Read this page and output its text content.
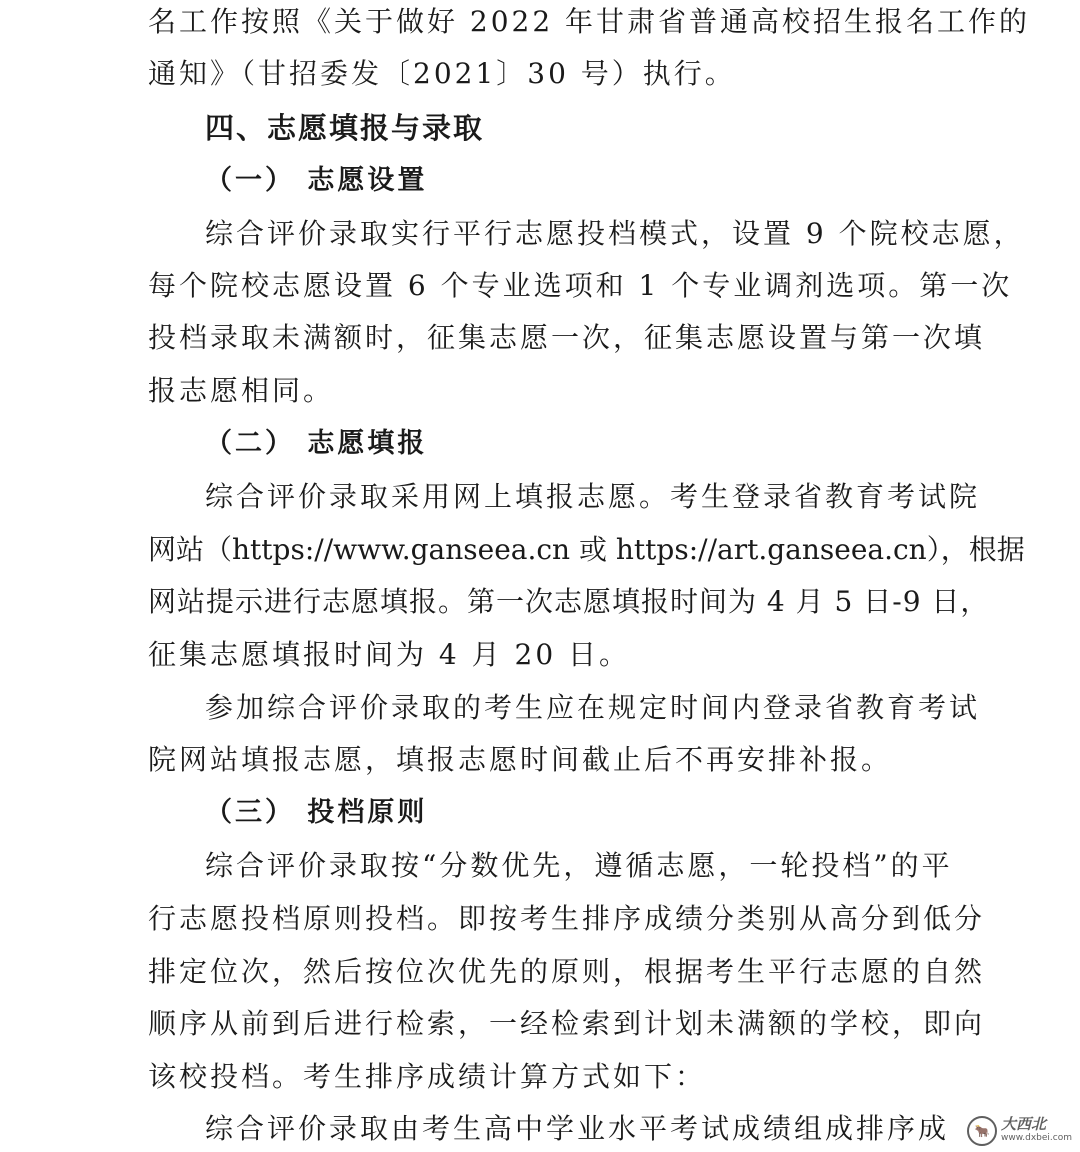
名工作按照《关于做好 2022 年甘肃省普通高校招生报名工作的
通知》（甘招委发〔2021〕30 号）执行。
四、志愿填报与录取
（一） 志愿设置
综合评价录取实行平行志愿投档模式，设置 9 个院校志愿，
每个院校志愿设置 6 个专业选项和 1 个专业调剂选项。第一次
投档录取未满额时，征集志愿一次，征集志愿设置与第一次填
报志愿相同。
（二） 志愿填报
综合评价录取采用网上填报志愿。考生登录省教育考试院
网站（https://www.ganseea.cn 或 https://art.ganseea.cn），根据
网站提示进行志愿填报。第一次志愿填报时间为 4 月 5 日-9 日，
征集志愿填报时间为 4 月 20 日。
参加综合评价录取的考生应在规定时间内登录省教育考试
院网站填报志愿，填报志愿时间截止后不再安排补报。
（三） 投档原则
综合评价录取按“分数优先，遵循志愿，一轮投档”的平
行志愿投档原则投档。即按考生排序成绩分类别从高分到低分
排定位次，然后按位次优先的原则，根据考生平行志愿的自然
顺序从前到后进行检索，一经检索到计划未满额的学校，即向
该校投档。考生排序成绩计算方式如下：
综合评价录取由考生高中学业水平考试成绩组成排序成	🐂 大西北
www.dxbei.com
